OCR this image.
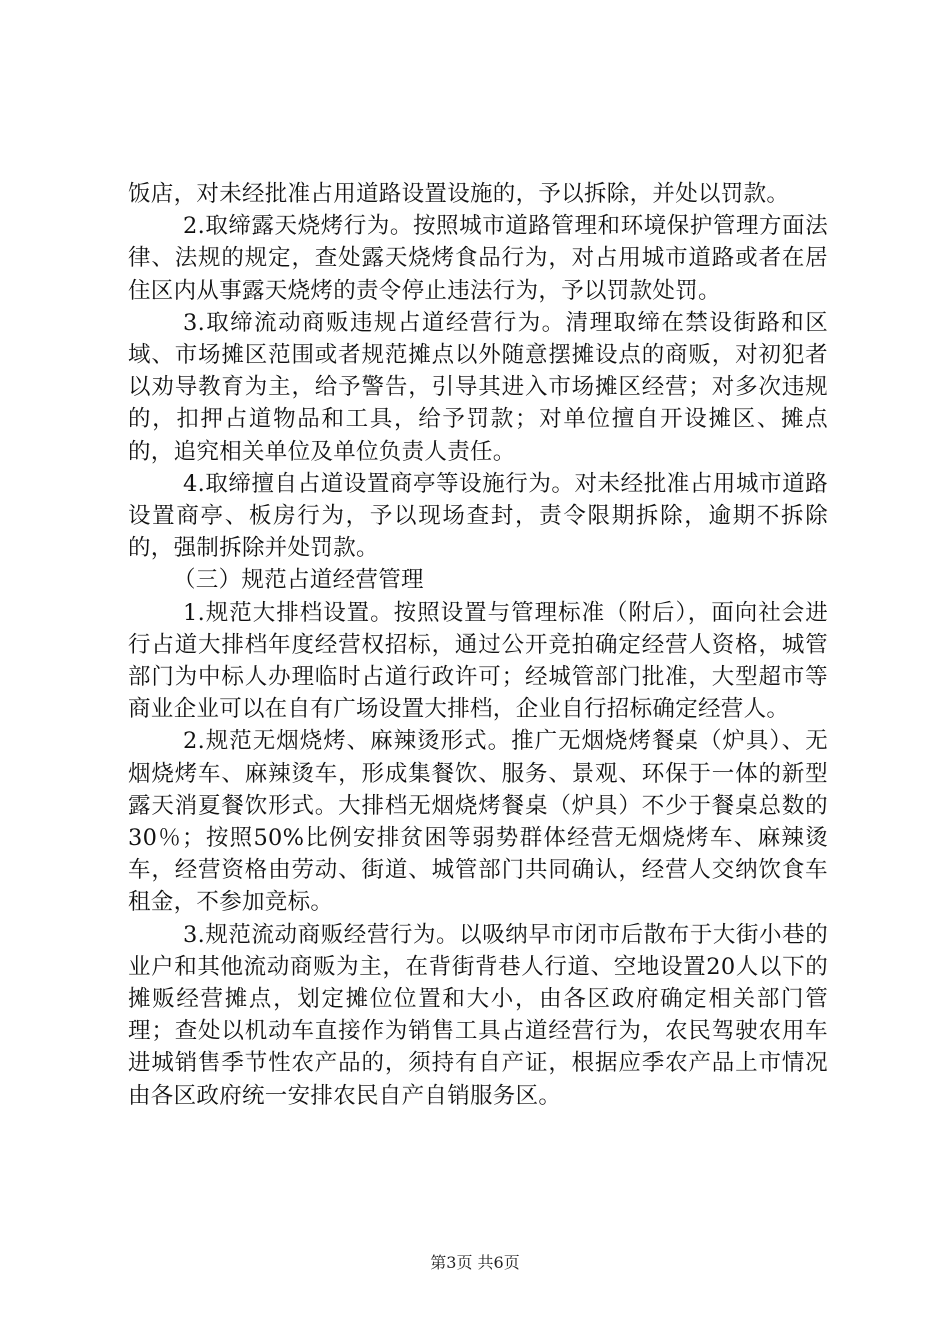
饭店，对未经批准占用道路设置设施的，予以拆除，并处以罚款。

2.取缔露天烧烤行为。按照城市道路管理和环境保护管理方面法律、法规的规定，查处露天烧烤食品行为，对占用城市道路或者在居住区内从事露天烧烤的责令停止违法行为，予以罚款处罚。

3.取缔流动商贩违规占道经营行为。清理取缔在禁设街路和区域、市场摊区范围或者规范摊点以外随意摆摊设点的商贩，对初犯者以劝导教育为主，给予警告，引导其进入市场摊区经营；对多次违规的，扣押占道物品和工具，给予罚款；对单位擅自开设摊区、摊点的，追究相关单位及单位负责人责任。

4.取缔擅自占道设置商亭等设施行为。对未经批准占用城市道路设置商亭、板房行为，予以现场查封，责令限期拆除，逾期不拆除的，强制拆除并处罚款。

（三）规范占道经营管理

1.规范大排档设置。按照设置与管理标准（附后），面向社会进行占道大排档年度经营权招标，通过公开竞拍确定经营人资格，城管部门为中标人办理临时占道行政许可；经城管部门批准，大型超市等商业企业可以在自有广场设置大排档，企业自行招标确定经营人。

2.规范无烟烧烤、麻辣烫形式。推广无烟烧烤餐桌（炉具）、无烟烧烤车、麻辣烫车，形成集餐饮、服务、景观、环保于一体的新型露天消夏餐饮形式。大排档无烟烧烤餐桌（炉具）不少于餐桌总数的30％；按照50%比例安排贫困等弱势群体经营无烟烧烤车、麻辣烫车，经营资格由劳动、街道、城管部门共同确认，经营人交纳饮食车租金，不参加竞标。

3.规范流动商贩经营行为。以吸纳早市闭市后散布于大街小巷的业户和其他流动商贩为主，在背街背巷人行道、空地设置20人以下的摊贩经营摊点，划定摊位位置和大小，由各区政府确定相关部门管理；查处以机动车直接作为销售工具占道经营行为，农民驾驶农用车进城销售季节性农产品的，须持有自产证，根据应季农产品上市情况由各区政府统一安排农民自产自销服务区。

第3页 共6页
